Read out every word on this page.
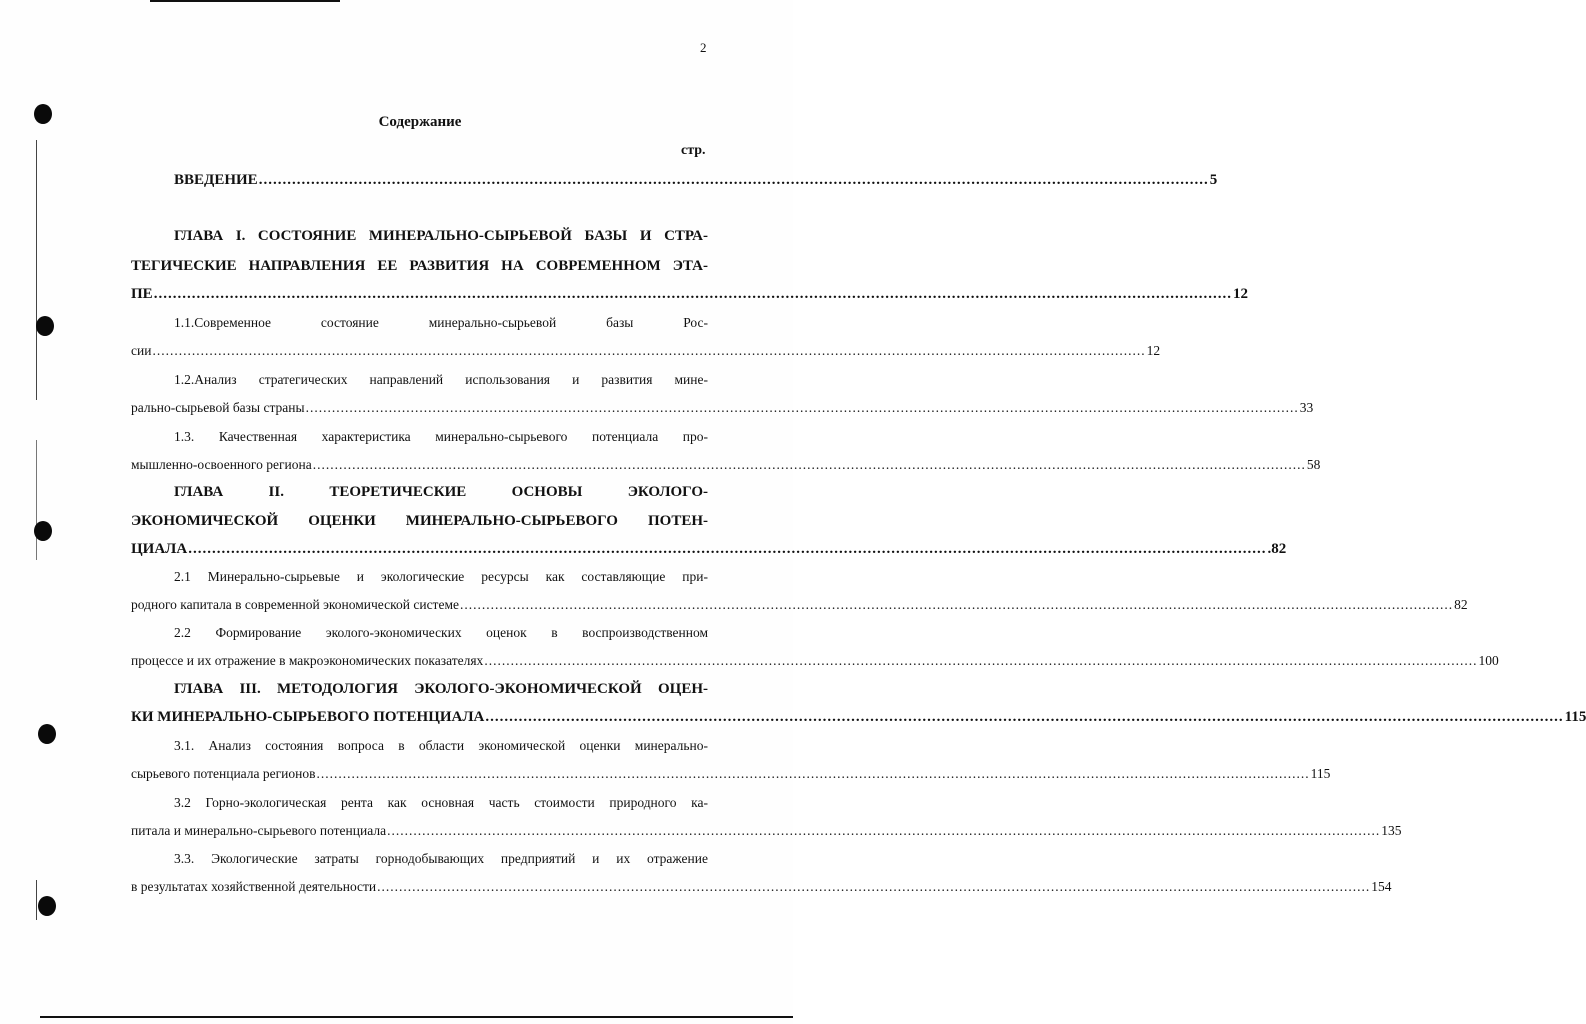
2
Содержание
стр.
ВВЕДЕНИЕ ........................................................................................................................................................................................................ 5
ГЛАВА I. СОСТОЯНИЕ МИНЕРАЛЬНО-СЫРЬЕВОЙ БАЗЫ И СТРА-
ТЕГИЧЕСКИЕ НАПРАВЛЕНИЯ ЕЕ РАЗВИТИЯ НА СОВРЕМЕННОМ ЭТА-
ПЕ ................................................................................................................................................................................................................................... 12
1.1.Современное состояние минерально-сырьевой базы Рос-
сии ................................................................................................................................................................................................................................... 12
1.2.Анализ стратегических направлений использования и развития мине-
рально-сырьевой базы страны ................................................................................................................................................................................................................................... 33
1.3. Качественная характеристика минерально-сырьевого потенциала про-
мышленно-освоенного региона ................................................................................................................................................................................................................................... 58
ГЛАВА II. ТЕОРЕТИЧЕСКИЕ ОСНОВЫ ЭКОЛОГО-
ЭКОНОМИЧЕСКОЙ ОЦЕНКИ МИНЕРАЛЬНО-СЫРЬЕВОГО ПОТЕН-
ЦИАЛА ................................................................................................................................................................................................................................... .82
2.1 Минерально-сырьевые и экологические ресурсы как составляющие при-
родного капитала в современной экономической системе ................................................................................................................................................................................................................................... 82
2.2 Формирование эколого-экономических оценок в воспроизводственном
процессе и их отражение в макроэкономических показателях ................................................................................................................................................................................................................................... 100
ГЛАВА III. МЕТОДОЛОГИЯ ЭКОЛОГО-ЭКОНОМИЧЕСКОЙ ОЦЕН-
КИ МИНЕРАЛЬНО-СЫРЬЕВОГО ПОТЕНЦИАЛА ................................................................................................................................................................................................................................... 115
3.1. Анализ состояния вопроса в области экономической оценки минерально-
сырьевого потенциала регионов ................................................................................................................................................................................................................................... 115
3.2 Горно-экологическая рента как основная часть стоимости природного ка-
питала и минерально-сырьевого потенциала ................................................................................................................................................................................................................................... 135
3.3. Экологические затраты горнодобывающих предприятий и их отражение
в результатах хозяйственной деятельности ................................................................................................................................................................................................................................... 154
